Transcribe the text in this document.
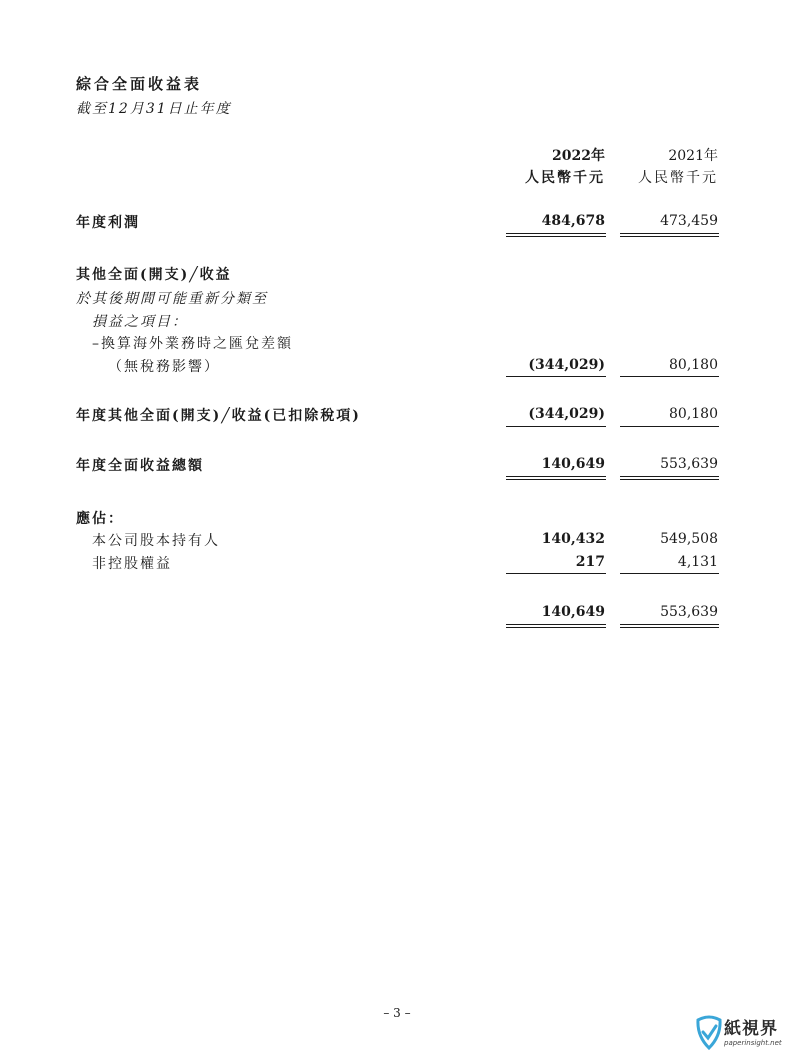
綜合全面收益表
截至12月31日止年度
2022年	2021年
人民幣千元 人民幣千元
年度利潤	484,678	473,459
其他全面(開支)╱收益
於其後期間可能重新分類至
損益之項目：
–換算海外業務時之匯兌差額
（無稅務影響）	(344,029)	80,180
年度其他全面(開支)╱收益(已扣除稅項)	(344,029)	80,180
年度全面收益總額	140,649	553,639
應佔：
本公司股本持有人	140,432	549,508
非控股權益	217	4,131
140,649	553,639
– 3 –
紙視界
paperinsight.net
